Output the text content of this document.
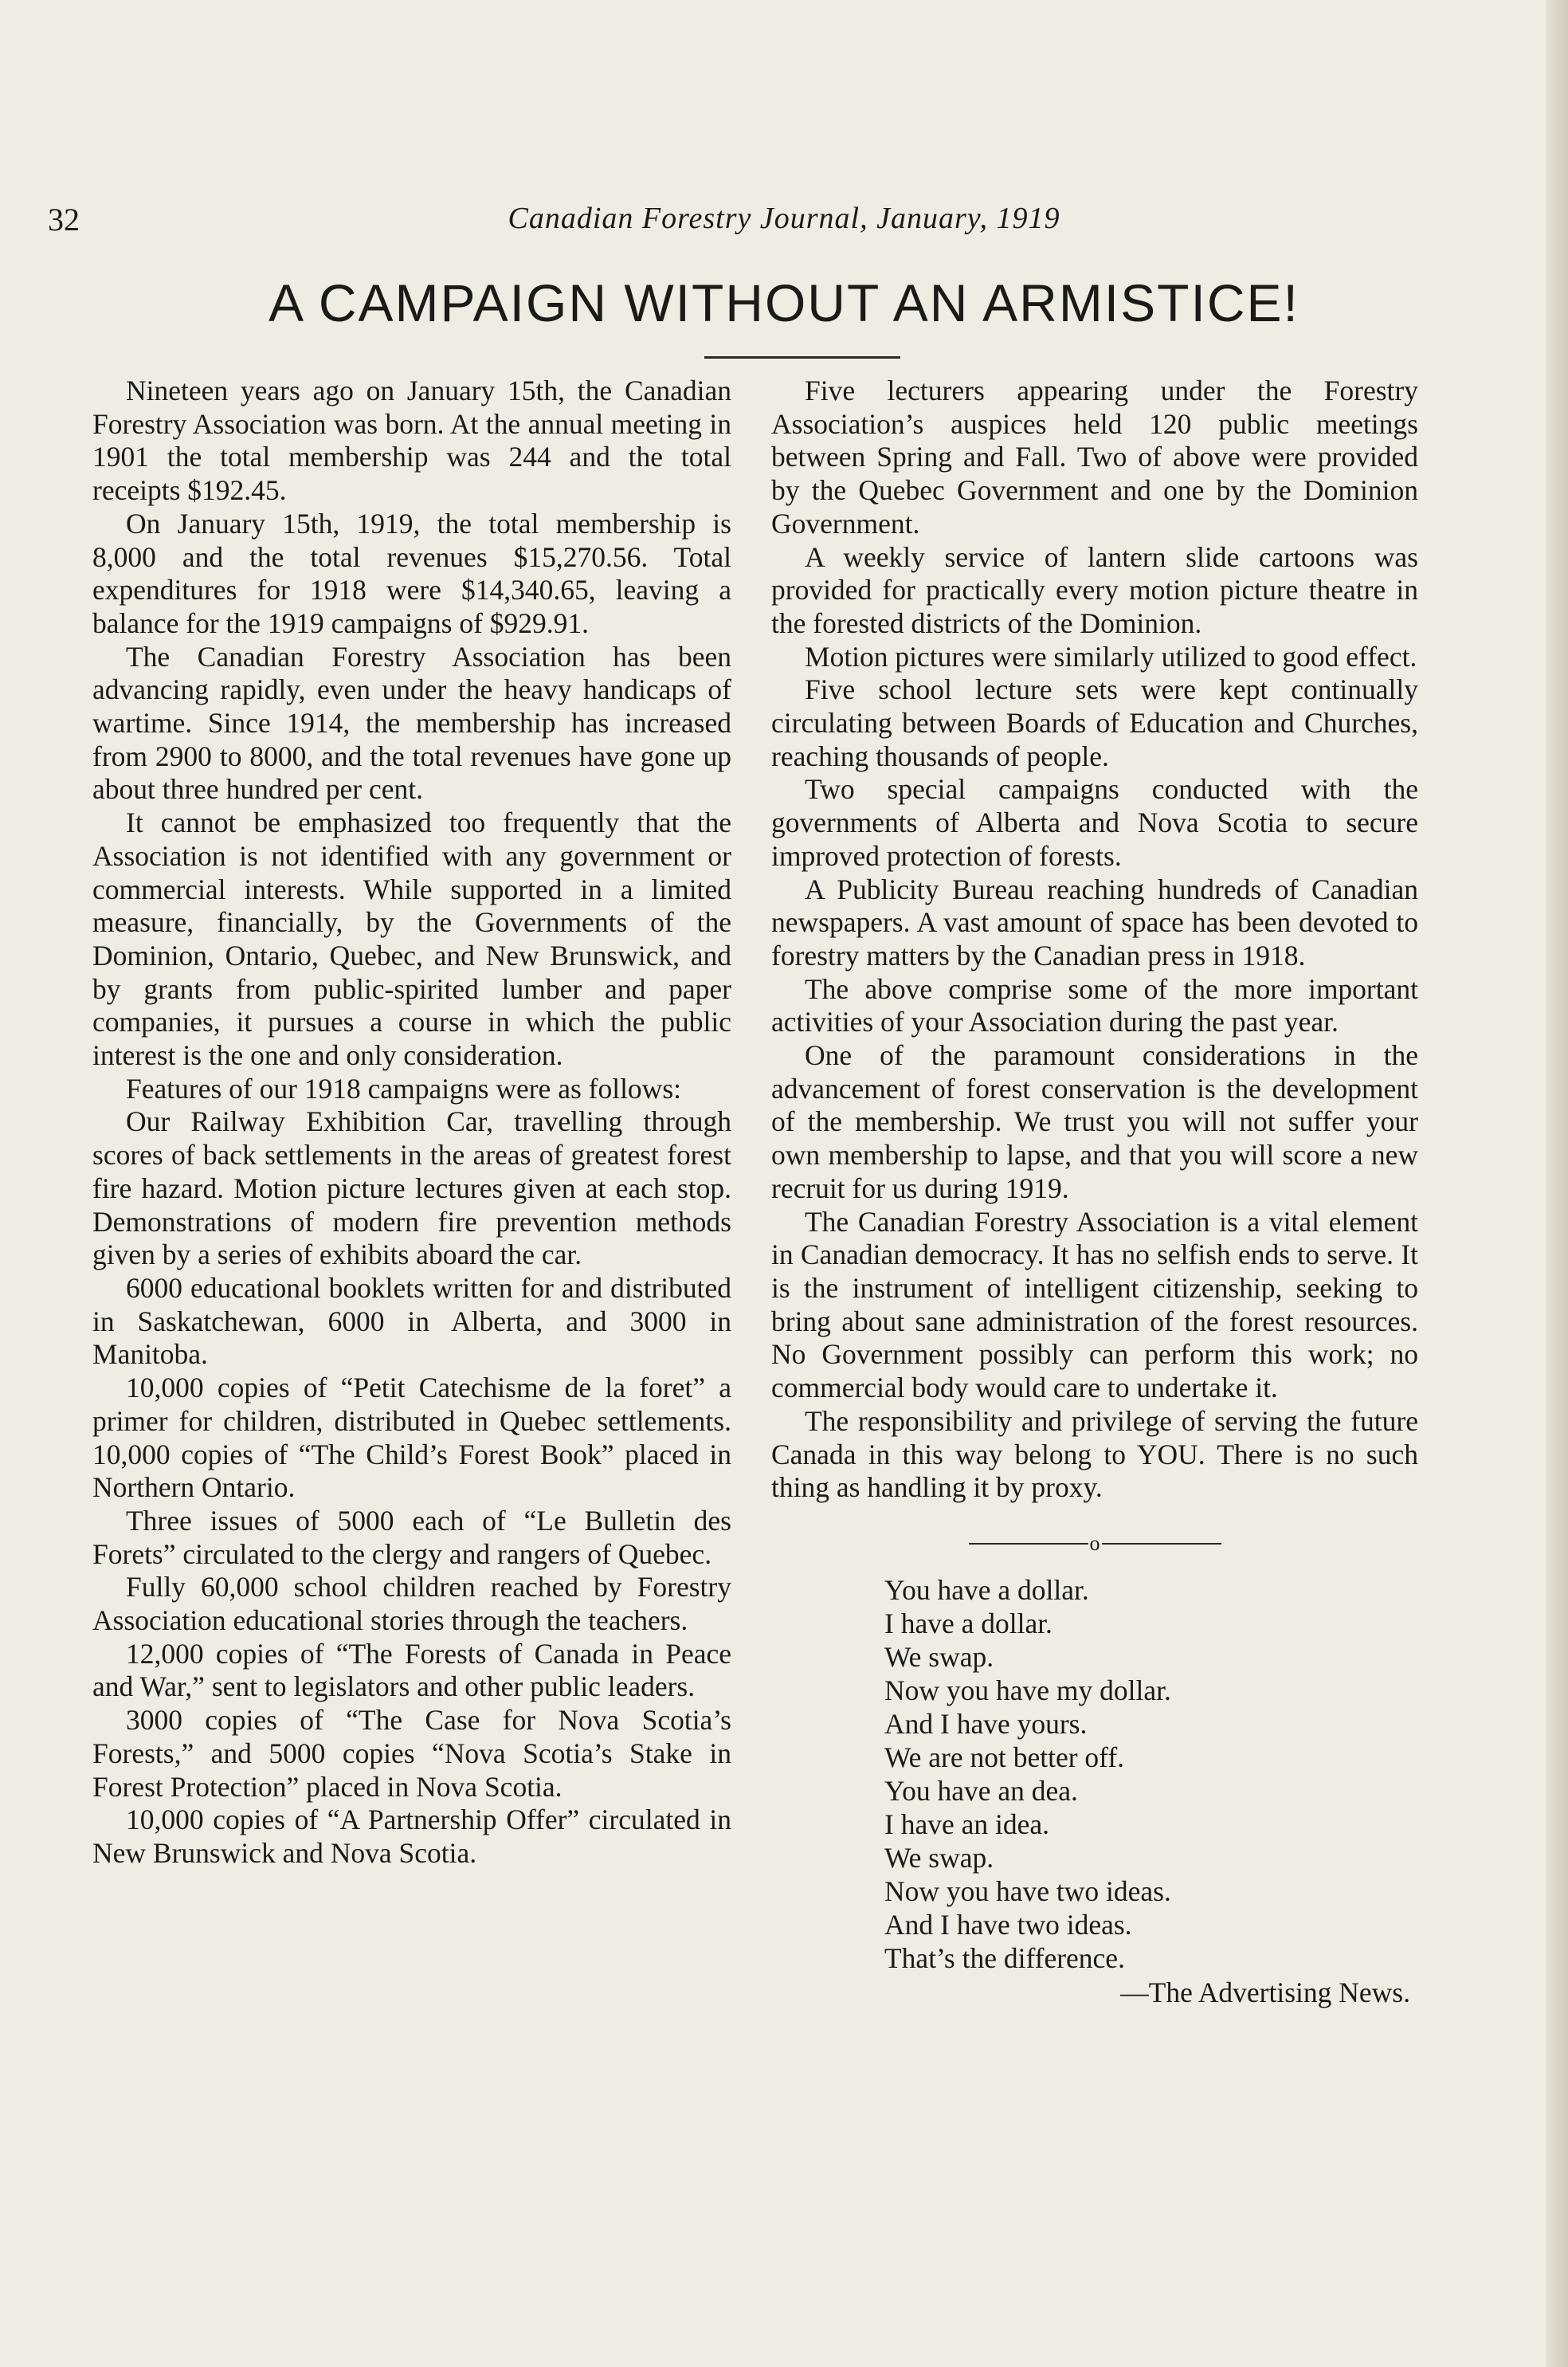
32	Canadian Forestry Journal, January, 1919
A CAMPAIGN WITHOUT AN ARMISTICE!

Nineteen years ago on January 15th, the Canadian Forestry Association was born. At the annual meeting in 1901 the total membership was 244 and the total receipts $192.45.

On January 15th, 1919, the total membership is 8,000 and the total revenues $15,270.56. Total expenditures for 1918 were $14,340.65, leaving a balance for the 1919 campaigns of $929.91.

The Canadian Forestry Association has been advancing rapidly, even under the heavy handicaps of wartime. Since 1914, the membership has increased from 2900 to 8000, and the total revenues have gone up about three hundred per cent.

It cannot be emphasized too frequently that the Association is not identified with any government or commercial interests. While supported in a limited measure, financially, by the Governments of the Dominion, Ontario, Quebec, and New Brunswick, and by grants from public-spirited lumber and paper companies, it pursues a course in which the public interest is the one and only consideration.

Features of our 1918 campaigns were as follows:

Our Railway Exhibition Car, travelling through scores of back settlements in the areas of greatest forest fire hazard. Motion picture lectures given at each stop. Demonstrations of modern fire prevention methods given by a series of exhibits aboard the car.

6000 educational booklets written for and distributed in Saskatchewan, 6000 in Alberta, and 3000 in Manitoba.

10,000 copies of “Petit Catechisme de la foret” a primer for children, distributed in Quebec settlements. 10,000 copies of “The Child’s Forest Book” placed in Northern Ontario.

Three issues of 5000 each of “Le Bulletin des Forets” circulated to the clergy and rangers of Quebec.

Fully 60,000 school children reached by Forestry Association educational stories through the teachers.

12,000 copies of “The Forests of Canada in Peace and War,” sent to legislators and other public leaders.

3000 copies of “The Case for Nova Scotia’s Forests,” and 5000 copies “Nova Scotia’s Stake in Forest Protection” placed in Nova Scotia.

10,000 copies of “A Partnership Offer” circulated in New Brunswick and Nova Scotia.

Five lecturers appearing under the Forestry Association’s auspices held 120 public meetings between Spring and Fall. Two of above were provided by the Quebec Government and one by the Dominion Government.

A weekly service of lantern slide cartoons was provided for practically every motion picture theatre in the forested districts of the Dominion.

Motion pictures were similarly utilized to good effect.

Five school lecture sets were kept continually circulating between Boards of Education and Churches, reaching thousands of people.

Two special campaigns conducted with the governments of Alberta and Nova Scotia to secure improved protection of forests.

A Publicity Bureau reaching hundreds of Canadian newspapers. A vast amount of space has been devoted to forestry matters by the Canadian press in 1918.

The above comprise some of the more important activities of your Association during the past year.

One of the paramount considerations in the advancement of forest conservation is the development of the membership. We trust you will not suffer your own membership to lapse, and that you will score a new recruit for us during 1919.

The Canadian Forestry Association is a vital element in Canadian democracy. It has no selfish ends to serve. It is the instrument of intelligent citizenship, seeking to bring about sane administration of the forest resources. No Government possibly can perform this work; no commercial body would care to undertake it.

The responsibility and privilege of serving the future Canada in this way belong to YOU. There is no such thing as handling it by proxy.

o
You have a dollar.
I have a dollar.
We swap.
Now you have my dollar.
And I have yours.
We are not better off.
You have an dea.
I have an idea.
We swap.
Now you have two ideas.
And I have two ideas.
That’s the difference.
—The Advertising News.
